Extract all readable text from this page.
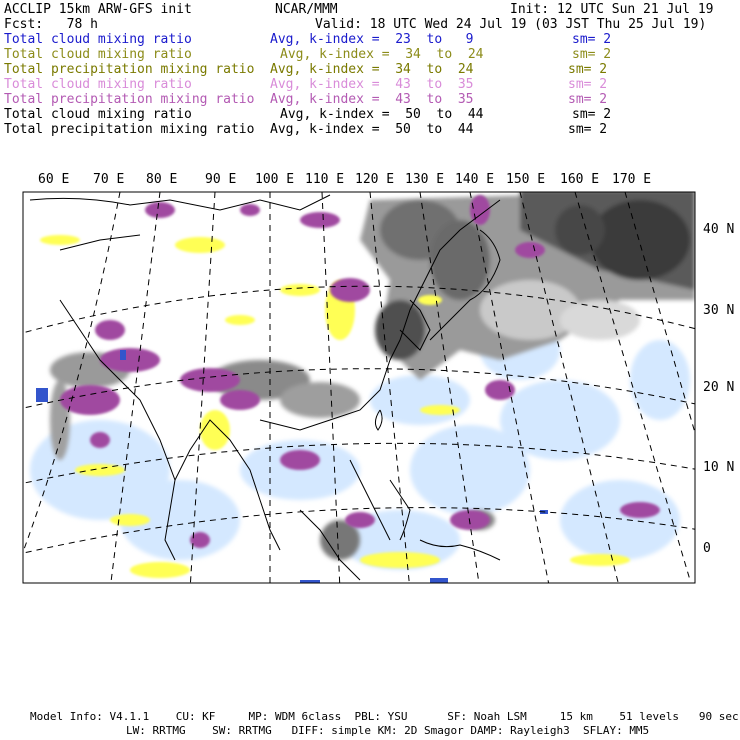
ACCLIP 15km ARW-GFS init	NCAR/MMM	Init: 12 UTC Sun 21 Jul 19
Fcst:   78 h	Valid: 18 UTC Wed 24 Jul 19 (03 JST Thu 25 Jul 19)
Total cloud mixing ratio	Avg, k-index =  23  to   9	sm= 2
Total cloud mixing ratio	Avg, k-index =  34  to  24	sm= 2
Total precipitation mixing ratio Avg, k-index =  34  to  24	sm= 2
Total cloud mixing ratio	Avg, k-index =  43  to  35	sm= 2
Total precipitation mixing ratio Avg, k-index =  43  to  35	sm= 2
Total cloud mixing ratio	Avg, k-index =  50  to  44	sm= 2
Total precipitation mixing ratio Avg, k-index =  50  to  44	sm= 2
60 E 70 E 80 E 90 E 100 E 110 E 120 E 130 E 140 E 150 E 160 E 170 E
40 N
30 N
20 N
10 N
0
Model Info: V4.1.1    CU: KF     MP: WDM 6class  PBL: YSU      SF: Noah LSM     15 km    51 levels   90 sec
LW: RRTMG    SW: RRTMG   DIFF: simple KM: 2D Smagor DAMP: Rayleigh3  SFLAY: MM5
